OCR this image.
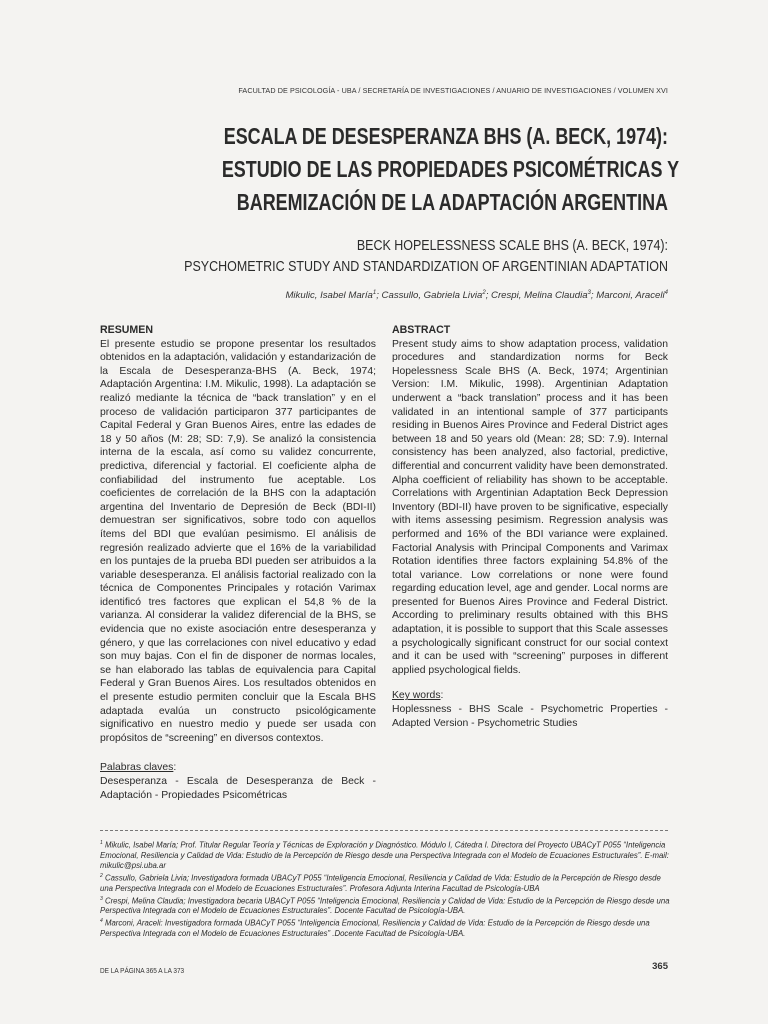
FACULTAD DE PSICOLOGÍA - UBA / SECRETARÍA DE INVESTIGACIONES / ANUARIO DE INVESTIGACIONES / VOLUMEN XVI
ESCALA DE DESESPERANZA BHS (A. BECK, 1974):
ESTUDIO DE LAS PROPIEDADES PSICOMÉTRICAS Y
BAREMIZACIÓN DE LA ADAPTACIÓN ARGENTINA
BECK HOPELESSNESS SCALE BHS (A. BECK, 1974):
PSYCHOMETRIC STUDY AND STANDARDIZATION OF ARGENTINIAN ADAPTATION
Mikulic, Isabel María$^1$; Cassullo, Gabriela Livia$^2$; Crespi, Melina Claudia$^3$; Marconi, Araceli$^4$
RESUMEN

El presente estudio se propone presentar los resultados obtenidos en la adaptación, validación y estandarización de la Escala de Desesperanza-BHS (A. Beck, 1974; Adaptación Argentina: I.M. Mikulic, 1998). La adaptación se realizó mediante la técnica de “back translation” y en el proceso de validación participaron 377 participantes de Capital Federal y Gran Buenos Aires, entre las edades de 18 y 50 años (M: 28; SD: 7,9). Se analizó la consistencia interna de la escala, así como su validez concurrente, predictiva, diferencial y factorial. El coeficiente alpha de confiabilidad del instrumento fue aceptable. Los coeficientes de correlación de la BHS con la adaptación argentina del Inventario de Depresión de Beck (BDI-II) demuestran ser significativos, sobre todo con aquellos ítems del BDI que evalúan pesimismo. El análisis de regresión realizado advierte que el 16% de la variabilidad en los puntajes de la prueba BDI pueden ser atribuidos a la variable desesperanza. El análisis factorial realizado con la técnica de Componentes Principales y rotación Varimax identificó tres factores que explican el 54,8 % de la varianza. Al considerar la validez diferencial de la BHS, se evidencia que no existe asociación entre desesperanza y género, y que las correlaciones con nivel educativo y edad son muy bajas. Con el fin de disponer de normas locales, se han elaborado las tablas de equivalencia para Capital Federal y Gran Buenos Aires. Los resultados obtenidos en el presente estudio permiten concluir que la Escala BHS adaptada evalúa un constructo psicológicamente significativo en nuestro medio y puede ser usada con propósitos de “screening” en diversos contextos.

Palabras claves:

Desesperanza - Escala de Desesperanza de Beck - Adaptación - Propiedades Psicométricas

ABSTRACT

Present study aims to show adaptation process, validation procedures and standardization norms for Beck Hopelessness Scale BHS (A. Beck, 1974; Argentinian Version: I.M. Mikulic, 1998). Argentinian Adaptation underwent a “back translation” process and it has been validated in an intentional sample of 377 participants residing in Buenos Aires Province and Federal District ages between 18 and 50 years old (Mean: 28; SD: 7.9). Internal consistency has been analyzed, also factorial, predictive, differential and concurrent validity have been demonstrated. Alpha coefficient of reliability has shown to be acceptable. Correlations with Argentinian Adaptation Beck Depression Inventory (BDI-II) have proven to be significative, especially with items assessing pesimism. Regression analysis was performed and 16% of the BDI variance were explained. Factorial Analysis with Principal Components and Varimax Rotation identifies three factors explaining 54.8% of the total variance. Low correlations or none were found regarding education level, age and gender. Local norms are presented for Buenos Aires Province and Federal District. According to preliminary results obtained with this BHS adaptation, it is possible to support that this Scale assesses a psychologically significant construct for our social context and it can be used with “screening” purposes in different applied psychological fields.

Key words:

Hoplessness - BHS Scale - Psychometric Properties - Adapted Version - Psychometric Studies

$^1$ Mikulic, Isabel María; Prof. Titular Regular Teoría y Técnicas de Exploración y Diagnóstico. Módulo I, Cátedra I. Directora del Proyecto UBACyT P055 “Inteligencia Emocional, Resiliencia y Calidad de Vida: Estudio de la Percepción de Riesgo desde una Perspectiva Integrada con el Modelo de Ecuaciones Estructurales”. E-mail: mikulic@psi.uba.ar
$^2$ Cassullo, Gabriela Livia; Investigadora formada UBACyT P055 “Inteligencia Emocional, Resiliencia y Calidad de Vida: Estudio de la Percepción de Riesgo desde una Perspectiva Integrada con el Modelo de Ecuaciones Estructurales”. Profesora Adjunta Interina Facultad de Psicología-UBA
$^3$ Crespi, Melina Claudia; Investigadora becaria UBACyT P055 “Inteligencia Emocional, Resiliencia y Calidad de Vida: Estudio de la Percepción de Riesgo desde una Perspectiva Integrada con el Modelo de Ecuaciones Estructurales”. Docente Facultad de Psicología-UBA.
$^4$ Marconi, Araceli: Investigadora formada UBACyT P055 “Inteligencia Emocional, Resiliencia y Calidad de Vida: Estudio de la Percepción de Riesgo desde una Perspectiva Integrada con el Modelo de Ecuaciones Estructurales” .Docente Facultad de Psicología-UBA.
DE LA PÁGINA 365 A LA 373	365
